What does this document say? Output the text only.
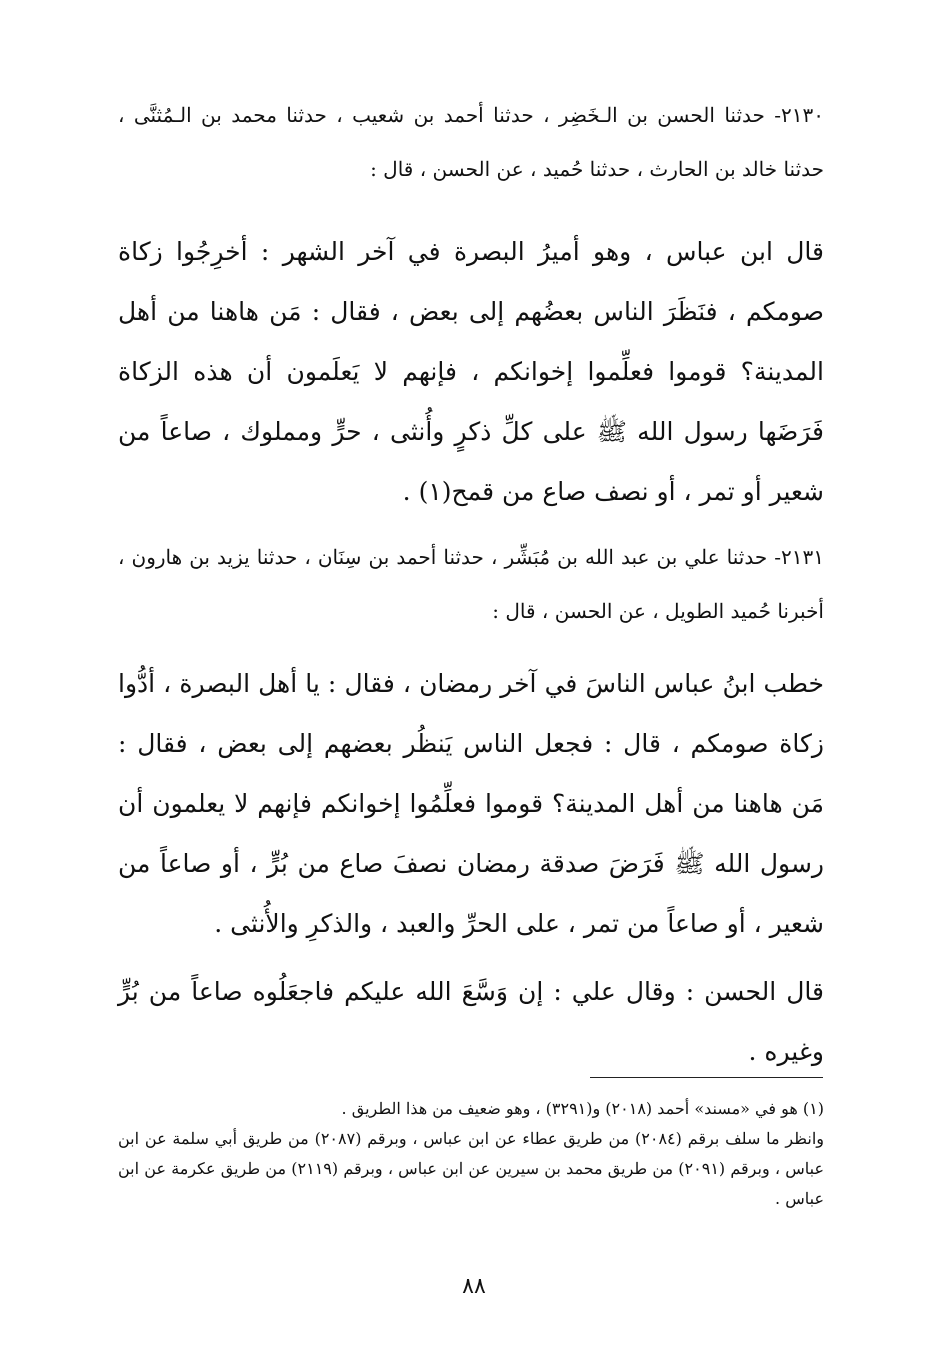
٢١٣٠- حدثنا الحسن بن الـخَضِر ، حدثنا أحمد بن شعيب ، حدثنا محمد بن الـمُثنَّى ، حدثنا خالد بن الحارث ، حدثنا حُميد ، عن الحسن ، قال :

قال ابن عباس ، وهو أميرُ البصرة في آخر الشهر : أخرِجُوا زكاة صومكم ، فنَظَرَ الناس بعضُهم إلى بعض ، فقال : مَن هاهنا من أهل المدينة؟ قوموا فعلِّموا إخوانكم ، فإنهم لا يَعلَمون أن هذه الزكاة فَرَضَها رسول الله ﷺ على كلِّ ذكرٍ وأُنثى ، حرٍّ ومملوك ، صاعاً من شعير أو تمر ، أو نصف صاع من قمح(١) .

٢١٣١- حدثنا علي بن عبد الله بن مُبَشِّر ، حدثنا أحمد بن سِنَان ، حدثنا يزيد بن هارون ، أخبرنا حُميد الطويل ، عن الحسن ، قال :

خطب ابنُ عباس الناسَ في آخر رمضان ، فقال : يا أهل البصرة ، أدُّوا زكاة صومكم ، قال : فجعل الناس يَنظُر بعضهم إلى بعض ، فقال : مَن هاهنا من أهل المدينة؟ قوموا فعلِّمُوا إخوانكم فإنهم لا يعلمون أن رسول الله ﷺ فَرَضَ صدقة رمضان نصفَ صاع من بُرٍّ ، أو صاعاً من شعير ، أو صاعاً من تمر ، على الحرِّ والعبد ، والذكرِ والأُنثى .

قال الحسن : وقال علي : إن وَسَّعَ الله عليكم فاجعَلُوه صاعاً من بُرٍّ وغيره .

(١) هو في «مسند» أحمد (٢٠١٨) و(٣٢٩١) ، وهو ضعيف من هذا الطريق .

وانظر ما سلف برقم (٢٠٨٤) من طريق عطاء عن ابن عباس ، وبرقم (٢٠٨٧) من طريق أبي سلمة عن ابن عباس ، وبرقم (٢٠٩١) من طريق محمد بن سيرين عن ابن عباس ، وبرقم (٢١١٩) من طريق عكرمة عن ابن عباس .

٨٨
